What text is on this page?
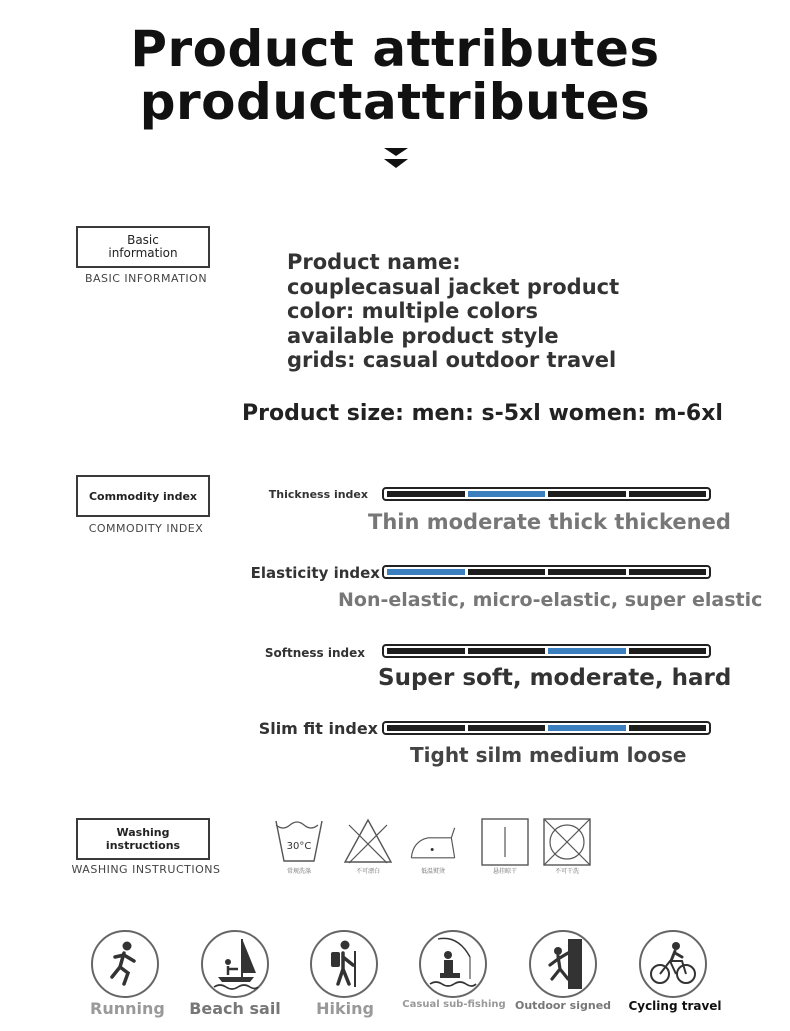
Product attributes
productattributes
Basic
information
BASIC INFORMATION
Product name:
couplecasual jacket product
color: multiple colors
available product style
grids: casual outdoor travel
Product size: men: s-5xl women: m-6xl
Commodity index
COMMODITY INDEX
Thickness index
Thin moderate thick thickened
Elasticity index
Non-elastic, micro-elastic, super elastic
Softness index
Super soft, moderate, hard
Slim fit index
Tight silm medium loose
Washing
instructions
WASHING INSTRUCTIONS
30°C
常规洗涤	不可漂白	低温熨烫	悬挂晾干	不可干洗
Running Beach sail	Hiking	Casual sub-fishing Outdoor signed Cycling travel
